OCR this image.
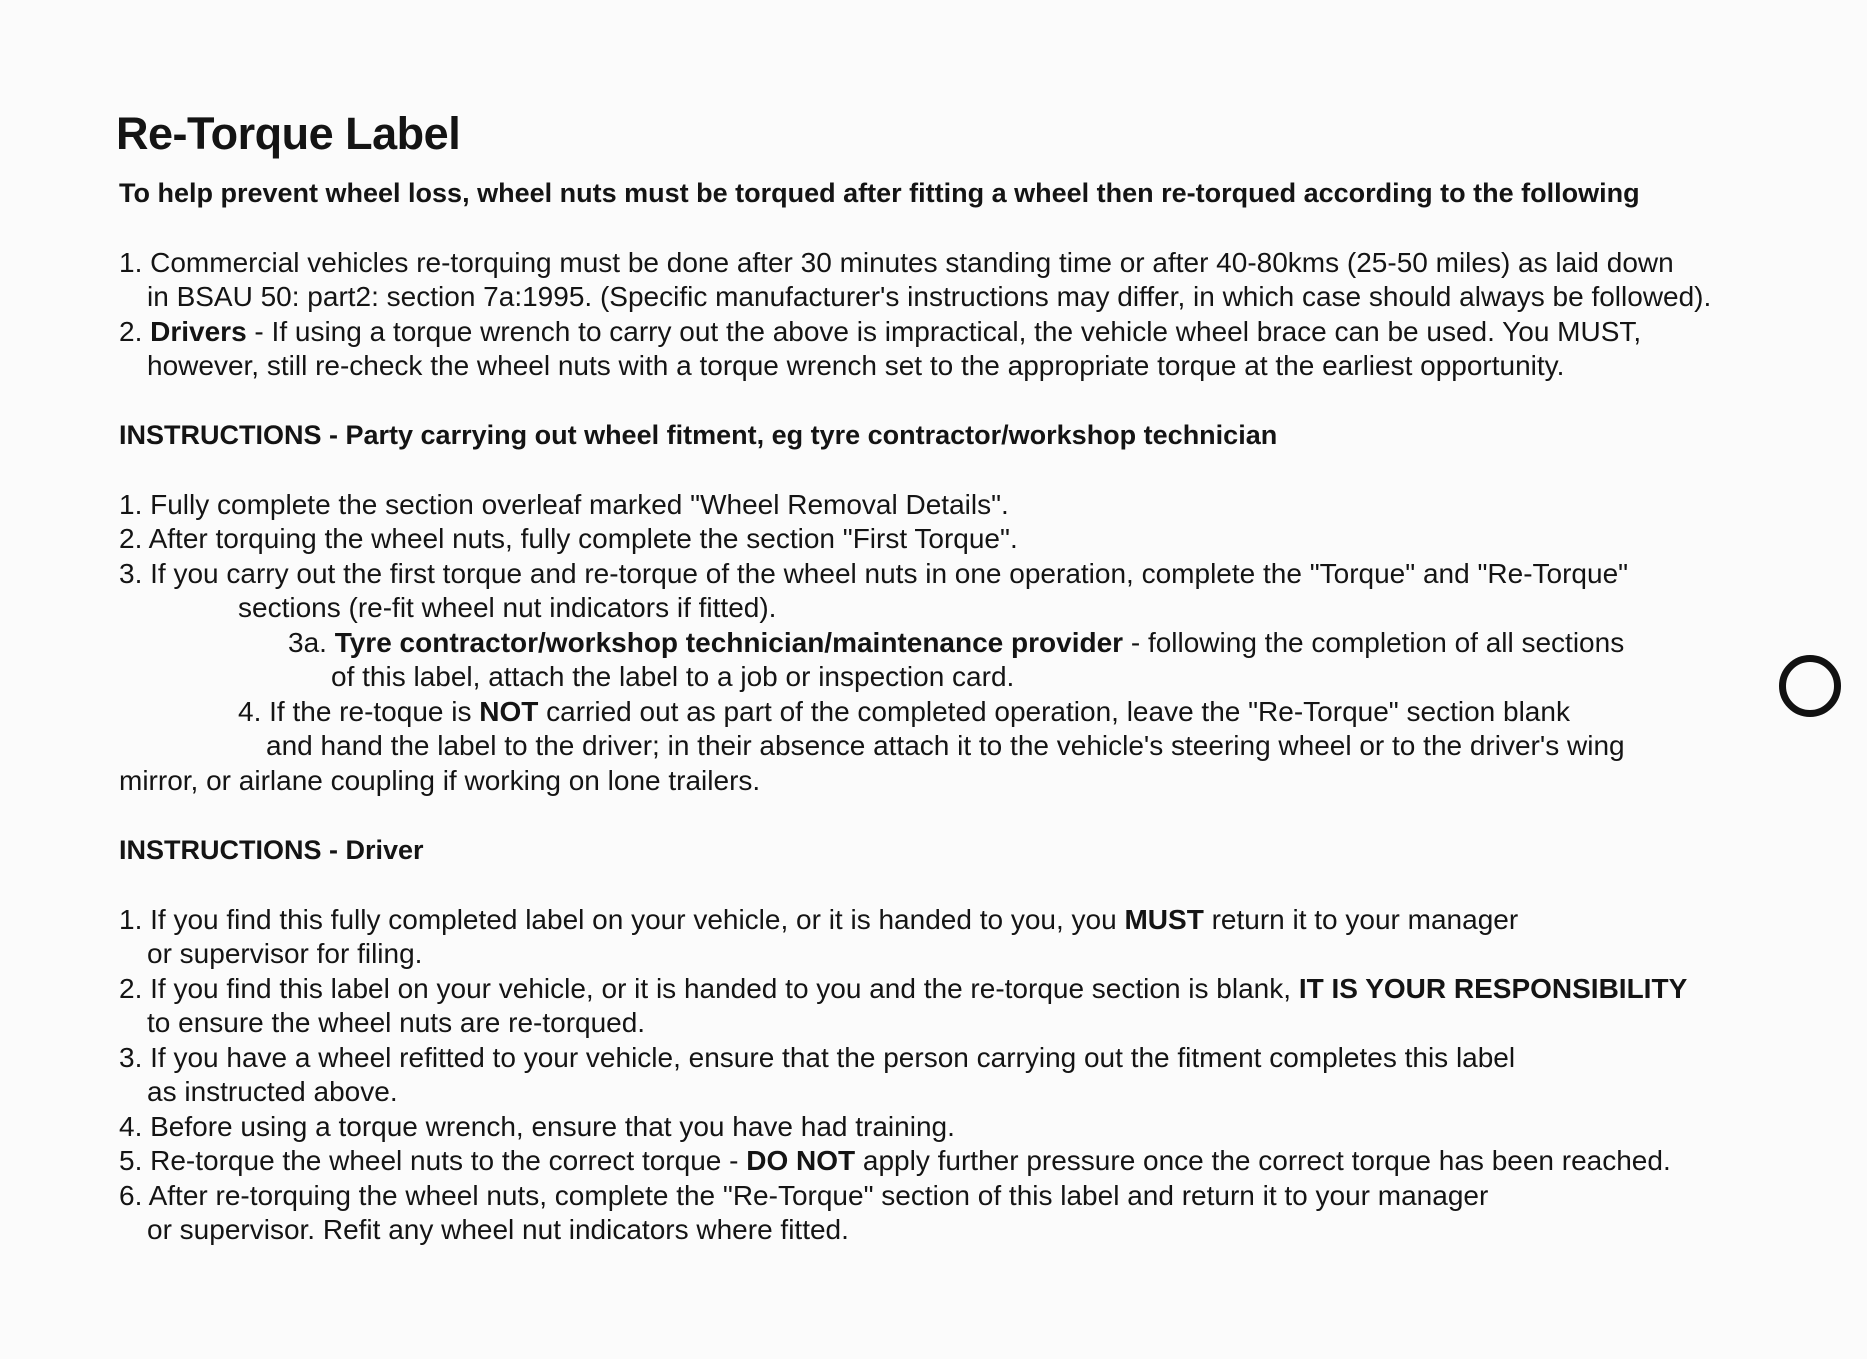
Re-Torque Label
To help prevent wheel loss, wheel nuts must be torqued after fitting a wheel then re-torqued according to the following
1. Commercial vehicles re-torquing must be done after 30 minutes standing time or after 40-80kms (25-50 miles) as laid down
in BSAU 50: part2: section 7a:1995. (Specific manufacturer's instructions may differ, in which case should always be followed).
2. Drivers - If using a torque wrench to carry out the above is impractical, the vehicle wheel brace can be used. You MUST,
however, still re-check the wheel nuts with a torque wrench set to the appropriate torque at the earliest opportunity.
INSTRUCTIONS - Party carrying out wheel fitment, eg tyre contractor/workshop technician
1. Fully complete the section overleaf marked "Wheel Removal Details".
2. After torquing the wheel nuts, fully complete the section "First Torque".
3. If you carry out the first torque and re-torque of the wheel nuts in one operation, complete the "Torque" and "Re-Torque"
sections (re-fit wheel nut indicators if fitted).
3a. Tyre contractor/workshop technician/maintenance provider - following the completion of all sections
of this label, attach the label to a job or inspection card.
4. If the re-toque is NOT carried out as part of the completed operation, leave the "Re-Torque" section blank
and hand the label to the driver; in their absence attach it to the vehicle's steering wheel or to the driver's wing
mirror, or airlane coupling if working on lone trailers.
INSTRUCTIONS - Driver
1. If you find this fully completed label on your vehicle, or it is handed to you, you MUST return it to your manager
or supervisor for filing.
2. If you find this label on your vehicle, or it is handed to you and the re-torque section is blank, IT IS YOUR RESPONSIBILITY
to ensure the wheel nuts are re-torqued.
3. If you have a wheel refitted to your vehicle, ensure that the person carrying out the fitment completes this label
as instructed above.
4. Before using a torque wrench, ensure that you have had training.
5. Re-torque the wheel nuts to the correct torque - DO NOT apply further pressure once the correct torque has been reached.
6. After re-torquing the wheel nuts, complete the "Re-Torque" section of this label and return it to your manager
or supervisor. Refit any wheel nut indicators where fitted.
